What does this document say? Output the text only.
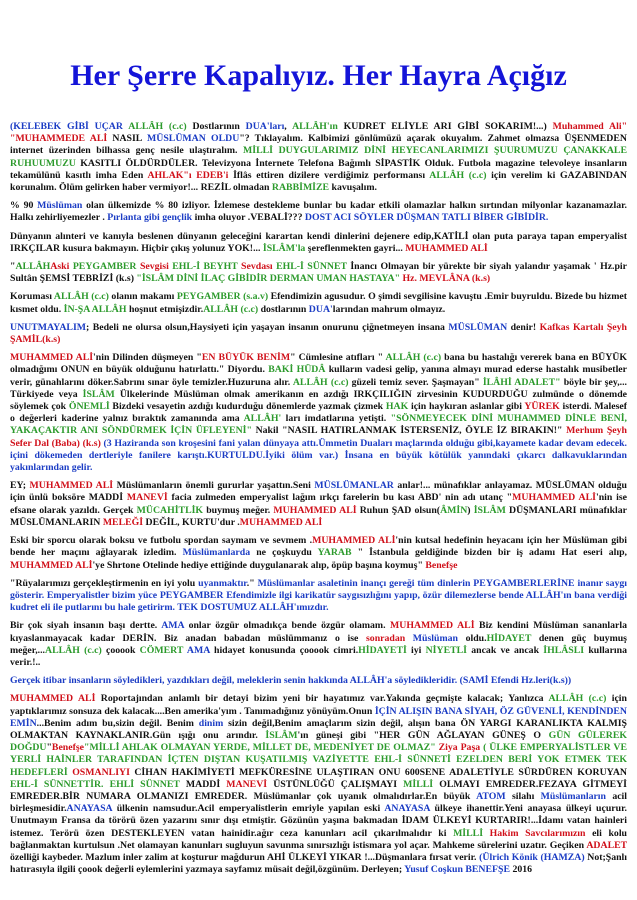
Her Şerre Kapalıyız. Her Hayra Açığız

(KELEBEK GİBİ UÇAR ALLÂH (c.c) Dostlarının DUA'ları, ALLÂH'ın KUDRET ELİYLE ARI GİBİ SOKARIM!...) Muhammed Ali" "MUHAMMEDE ALİ NASIL MÜSLÜMAN OLDU"? Tıklayalım. Kalbimizi gönlümüzü açarak okuyalım. Zahmet olmazsa ÜŞENMEDEN internet üzerinden bilhassa genç nesile ulaştıralım. MİLLİ DUYGULARIMIZ DİNİ HEYECANLARIMIZI ŞUURUMUZU ÇANAKKALE RUHUUMUZU KASITLI ÖLDÜRDÜLER. Televizyona İnternete Telefona Bağımlı SİPASTİK Olduk. Futbola magazine televoleye insanların tekamülünü kasıtlı imha Eden AHLAK"ı EDEB'i İflâs ettiren dizilere verdiğimiz performansı ALLÂH (c.c) için verelim ki GAZABINDAN korunalım. Ölüm gelirken haber vermiyor!... REZİL olmadan RABBİMİZE kavuşalım.

% 90 Müslüman olan ülkemizde % 80 izliyor. İzlemese destekleme bunlar bu kadar etkili olamazlar halkın sırtından milyonlar kazanamazlar. Halkı zehirliyemezler . Pırlanta gibi gençlik imha oluyor .VEBALİ??? DOST ACI SÖYLER DÜŞMAN TATLI BİBER GİBİDİR.

Dünyanın alınteri ve kanıyla beslenen dünyanın geleceğini karartan kendi dinlerini dejenere edip,KATİLİ olan puta paraya tapan emperyalist IRKÇILAR kusura bakmayın. Hiçbir çıkış yolunuz YOK!... İSLÂM'la şereflenmekten gayri... MUHAMMED ALİ

"ALLÂHAski PEYGAMBER Sevgisi EHL-İ BEYHT Sevdası EHL-İ SÜNNET İnancı Olmayan bir yürekte bir siyah yalandır yaşamak ' Hz.pir Sultân ŞEMSİ TEBRİZİ (k.s) "İSLÂM DİNİ İLAÇ GİBİDİR DERMAN UMAN HASTAYA" Hz. MEVLÂNA (k.s)

Koruması ALLÂH (c.c) olanın makamı PEYGAMBER (s.a.v) Efendimizin agusudur. O şimdi sevgilisine kavuştu .Emir buyruldu. Bizede bu hizmet kısmet oldu. İN-ŞA ALLÂH hoşnut etmişizdir.ALLÂH (c.c) dostlarının DUA'larından mahrum olmayız.

UNUTMAYALIM; Bedeli ne olursa olsun,Haysiyeti için yaşayan insanın onurunu çiğnetmeyen insana MÜSLÜMAN denir! Kafkas Kartalı Şeyh ŞAMİL(k.s)

MUHAMMED ALİ'nin Dilinden düşmeyen "EN BÜYÜK BENİM" Cümlesine atıfları " ALLÂH (c.c) bana bu hastalığı vererek bana en BÜYÜK olmadığımı ONUN en büyük olduğunu hatırlattı." Diyordu. BAKİ HÜDÂ kulların vadesi gelip, yanına almayı murad ederse hastalık musibetler verir, günahlarını döker.Sabrını sınar öyle temizler.Huzuruna alır. ALLÂH (c.c) güzeli temiz sever. Şaşmayan" İLÂHİ ADALET" böyle bir şey,... Türkiyede veya İSLÂM Ülkelerinde Müslüman olmak amerikanın en azdığı IRKÇILIĞIN zirvesinin KUDURDUĞU zulmünde o dönemde söylemek çok ÖNEMLİ Bizdeki vesayetin azdığı kudurduğu dönemlerde yazmak çizmek HAK için haykıran aslanlar gibi YÜREK isterdi. Malesef o değerleri kaderine yalnız bıraktık zamanında ama ALLÂH' ları imdatlarına yetişti. "SÖNMEYECEK DİNİ MUHAMMED DİNLE BENİ, YAKAÇAKTIR ANI SÖNDÜRMEK İÇİN ÜFLEYENİ" Nakil "NASIL HATIRLANMAK İSTERSENİZ, ÖYLE İZ BIRAKIN!" Merhum Şeyh Sefer Dal (Baba) (k.s) (3 Haziranda son kroşesini fani yalan dünyaya attı.Ümmetin Duaları maçlarında olduğu gibi,kayamete kadar devam edecek. içini dökemeden dertleriyle fanilere karıştı.KURTULDU.İyiki ölüm var.) İnsana en büyük kötülük yanındaki çıkarcı dalkavuklarından yakınlarından gelir.

EY; MUHAMMED ALİ Müslümanların önemli gururlar yaşattın.Seni MÜSLÜMANLAR anlar!... münafıklar anlayamaz. MÜSLÜMAN olduğu için ünlü boksöre MADDİ MANEVİ facia zulmeden emperyalist lağım ırkçı farelerin bu kası ABD' nin adı utanç "MUHAMMED ALİ'nin ise efsane olarak yazıldı. Gerçek MÜCAHİTLİK buymuş meğer. MUHAMMED ALİ Ruhun ŞAD olsun(ÂMİN) İSLÂM DÜŞMANLARI münafıklar MÜSLÜMANLARIN MELEĞİ DEĞİL, KURTU'dur .MUHAMMED ALİ

Eski bir sporcu olarak boksu ve futbolu spordan saymam ve sevmem .MUHAMMED ALİ'nin kutsal hedefinin heyacanı için her Müslüman gibi bende her maçını ağlayarak izledim. Müslümanlarda ne çoşkuydu YARAB " İstanbula geldiğinde bizden bir iş adamı Hat eseri alıp, MUHAMMED ALİ'ye Shrtone Otelinde hediye ettiğinde duygulanarak alıp, öpüp başına koymuş" Benefşe

"Rüyalarımızı gerçekleştirmenin en iyi yolu uyanmaktır." Müslümanlar asaletinin inançı gereği tüm dinlerin PEYGAMBERLERİNE inanır saygı gösterir. Emperyalistler bizim yüce PEYGAMBER Efendimizle ilgi karikatür saygısızlığını yapıp, özür dilemezlerse bende ALLÂH'ın bana verdiği kudret eli ile putlarını bu hale getirirm. TEK DOSTUMUZ ALLÂH'ımızdır.

Bir çok siyah insanın başı dertte. AMA onlar özgür olmadıkça bende özgür olamam. MUHAMMED ALİ Biz kendini Müslüman sananlarla kıyaslanmayacak kadar DERİN. Biz anadan babadan müslümmanız o ise sonradan Müslüman oldu.HİDAYET denen güç buymuş meğer,...ALLÂH (c.c) çooook CÖMERT AMA hidayet konusunda çooook cimri.HİDAYETİ iyi NİYETLİ ancak ve ancak İHLÂSLI kullarına verir.!..

Gerçek itibar insanların söyledikleri, yazdıkları değil, meleklerin senin hakkında ALLÂH'a söyledikleridir. (SAMİ Efendi Hz.leri(k.s))

MUHAMMED ALİ Roportajından anlamlı bir detayi bizim yeni bir hayatımız var.Yakında geçmişte kalacak; Yanlızca ALLÂH (c.c) için yaptıklarımız sonsuza dek kalacak....Ben amerika'yım . Tanımadığınız yönüyüm.Onun İÇİN ALIŞIN BANA SİYAH, ÖZ GÜVENLİ, KENDİNDEN EMİN...Benim adım bu,sizin değil. Benim dinim sizin değil,Benim amaçlarım sizin değil, alışın bana ÖN YARGI KARANLIKTA KALMIŞ OLMAKTAN KAYNAKLANIR.Gün ışığı onu arındır. İSLÂM'ın güneşi gibi "HER GÜN AĞLAYAN GÜNEŞ O GÜN GÜLEREK DOĞDU"Benefşe"MİLLİ AHLAK OLMAYAN YERDE, MİLLET DE, MEDENİYET DE OLMAZ" Ziya Paşa ( ÜLKE EMPERYALİSTLER VE YERLİ HAİNLER TARAFINDAN İÇTEN DIŞTAN KUŞATILMIŞ VAZİYETTE EHL-İ SÜNNETİ EZELDEN BERİ YOK ETMEK TEK HEDEFLERİ OSMANLIYI CİHAN HAKİMİYETİ MEFKÜRESİNE ULAŞTIRAN ONU 600SENE ADALETİYLE SÜRDÜREN KORUYAN EHL-İ SÜNNETTİR. EHLİ SÜNNET MADDİ MANEVİ ÜSTÜNLÜĞÜ ÇALIŞMAYI MİLLİ OLMAYI EMREDER.FEZAYA GİTMEYİ EMREDER.BİR NUMARA OLMANIZI EMREDER. Müslümanlar çok uyanık olmalıdırlar.En büyük ATOM silahı Müslümanların acil birleşmesidir.ANAYASA ülkenin namsudur.Acil emperyalistlerin emriyle yapılan eski ANAYASA ülkeye ihanettir.Yeni anayasa ülkeyi uçurur. Unutmayın Fransa da törörü özen yazarını sınır dışı etmiştir. Gözünün yaşına bakmadan İDAM ÜLKEYİ KURTARIR!...İdamı vatan hainleri istemez. Terörü özen DESTEKLEYEN vatan hainidir.ağır ceza kanunları acil çıkarılmalıdır ki MİLLİ Hakim Savcılarımızın eli kolu bağlanmaktan kurtulsun .Net olamayan kanunları sugluyun savunma sınırsızlığı istismara yol açar. Mahkeme sürelerini uzatır. Geçiken ADALET özelliği kaybeder. Mazlum inler zalim at koşturur mağdurun AHİ ÜLKEYİ YIKAR !...Düşmanlara fırsat verir. (Ülrich Könik (HAMZA) Not;Şanlı hatırasıyla ilgili çoook değerli eylemlerini yazmaya sayfamız müsait değil,özgünüm. Derleyen; Yusuf Coşkun BENEFŞE 2016
